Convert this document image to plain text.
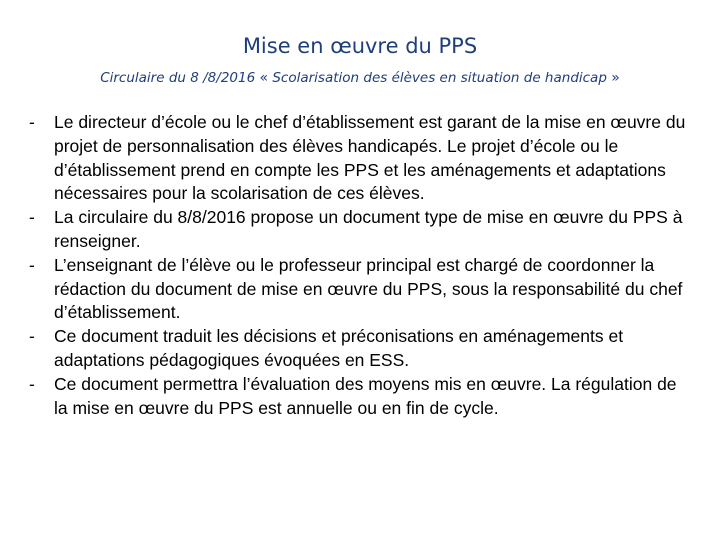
Mise en œuvre du PPS
Circulaire du 8 /8/2016 « Scolarisation des élèves en situation de handicap »
- Le directeur d’école ou le chef d’établissement est garant de la mise en œuvre du projet de personnalisation des élèves handicapés. Le projet d’école ou le d’établissement prend en compte les PPS et les aménagements et adaptations nécessaires pour la scolarisation de ces élèves.
- La circulaire du 8/8/2016 propose un document type de mise en œuvre du PPS à renseigner.
- L’enseignant de l’élève ou le professeur principal est chargé de coordonner la rédaction du document de mise en œuvre du PPS, sous la responsabilité du chef d’établissement.
- Ce document traduit les décisions et préconisations en aménagements et adaptations pédagogiques évoquées en ESS.
- Ce document permettra l’évaluation des moyens mis en œuvre. La régulation de la mise en œuvre du PPS est annuelle ou en fin de cycle.
